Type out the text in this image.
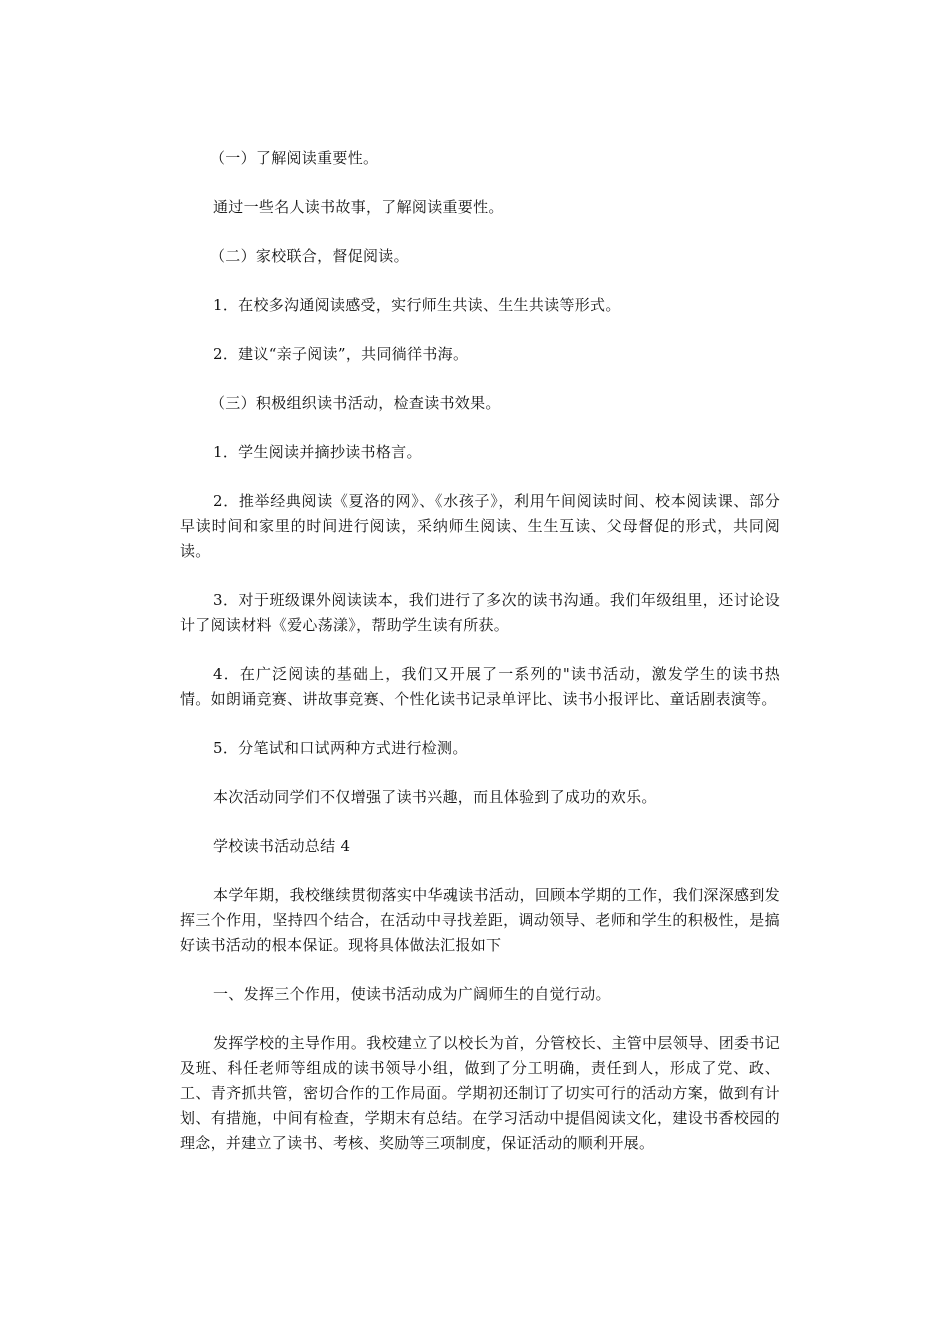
（一）了解阅读重要性。

通过一些名人读书故事，了解阅读重要性。

（二）家校联合，督促阅读。

1．在校多沟通阅读感受，实行师生共读、生生共读等形式。

2．建议“亲子阅读”，共同徜徉书海。

（三）积极组织读书活动，检查读书效果。

1．学生阅读并摘抄读书格言。

2．推举经典阅读《夏洛的网》、《水孩子》，利用午间阅读时间、校本阅读课、部分早读时间和家里的时间进行阅读，采纳师生阅读、生生互读、父母督促的形式，共同阅读。

3．对于班级课外阅读读本，我们进行了多次的读书沟通。我们年级组里，还讨论设计了阅读材料《爱心荡漾》，帮助学生读有所获。

4．在广泛阅读的基础上，我们又开展了一系列的"读书活动，激发学生的读书热情。如朗诵竞赛、讲故事竞赛、个性化读书记录单评比、读书小报评比、童话剧表演等。

5．分笔试和口试两种方式进行检测。

本次活动同学们不仅增强了读书兴趣，而且体验到了成功的欢乐。

学校读书活动总结 4

本学年期，我校继续贯彻落实中华魂读书活动，回顾本学期的工作，我们深深感到发挥三个作用，坚持四个结合，在活动中寻找差距，调动领导、老师和学生的积极性，是搞好读书活动的根本保证。现将具体做法汇报如下

一、发挥三个作用，使读书活动成为广阔师生的自觉行动。

发挥学校的主导作用。我校建立了以校长为首，分管校长、主管中层领导、团委书记及班、科任老师等组成的读书领导小组，做到了分工明确，责任到人，形成了党、政、工、青齐抓共管，密切合作的工作局面。学期初还制订了切实可行的活动方案，做到有计划、有措施，中间有检查，学期末有总结。在学习活动中提倡阅读文化，建设书香校园的理念，并建立了读书、考核、奖励等三项制度，保证活动的顺利开展。
